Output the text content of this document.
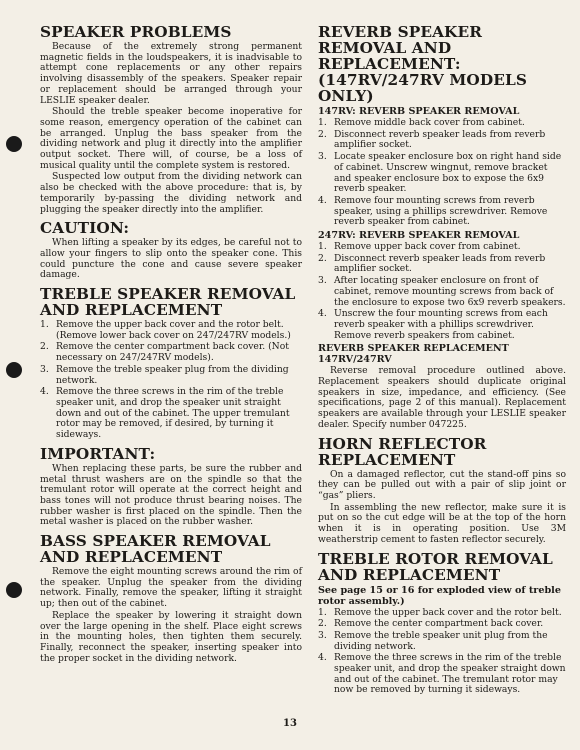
SPEAKER PROBLEMS

Because of the extremely strong permanent magnetic fields in the loudspeakers, it is inadvisable to attempt cone replacements or any other repairs involving disassembly of the speakers. Speaker repair or replacement should be arranged through your LESLIE speaker dealer.

Should the treble speaker become inoperative for some reason, emergency operation of the cabinet can be arranged. Unplug the bass speaker from the dividing network and plug it directly into the amplifier output socket. There will, of course, be a loss of musical quality until the complete system is restored.

Suspected low output from the dividing network can also be checked with the above procedure: that is, by temporarily by-passing the dividing network and plugging the speaker directly into the amplifier.

CAUTION:

When lifting a speaker by its edges, be careful not to allow your fingers to slip onto the speaker cone. This could puncture the cone and cause severe speaker damage.

TREBLE SPEAKER REMOVAL AND REPLACEMENT
1. Remove the upper back cover and the rotor belt. (Remove lower back cover on 247/247RV models.)
2. Remove the center compartment back cover. (Not necessary on 247/247RV models).
3. Remove the treble speaker plug from the dividing network.
4. Remove the three screws in the rim of the treble speaker unit, and drop the speaker unit straight down and out of the cabinet. The upper tremulant rotor may be removed, if desired, by turning it sideways.
IMPORTANT:

When replacing these parts, be sure the rubber and metal thrust washers are on the spindle so that the tremulant rotor will operate at the correct height and bass tones will not produce thrust bearing noises. The rubber washer is first placed on the spindle. Then the metal washer is placed on the rubber washer.

BASS SPEAKER REMOVAL AND REPLACEMENT

Remove the eight mounting screws around the rim of the speaker. Unplug the speaker from the dividing network. Finally, remove the speaker, lifting it straight up; then out of the cabinet.

Replace the speaker by lowering it straight down over the large opening in the shelf. Place eight screws in the mounting holes, then tighten them securely. Finally, reconnect the speaker, inserting speaker into the proper socket in the dividing network.

REVERB SPEAKER REMOVAL AND REPLACEMENT: (147RV/247RV MODELS ONLY)
147RV: REVERB SPEAKER REMOVAL
1. Remove middle back cover from cabinet.
2. Disconnect reverb speaker leads from reverb amplifier socket.
3. Locate speaker enclosure box on right hand side of cabinet. Unscrew wingnut, remove bracket and speaker enclosure box to expose the 6x9 reverb speaker.
4. Remove four mounting screws from reverb speaker, using a phillips screwdriver. Remove reverb speaker from cabinet.
247RV: REVERB SPEAKER REMOVAL
1. Remove upper back cover from cabinet.
2. Disconnect reverb speaker leads from reverb amplifier socket.
3. After locating speaker enclosure on front of cabinet, remove mounting screws from back of the enclosure to expose two 6x9 reverb speakers.
4. Unscrew the four mounting screws from each reverb speaker with a phillips screwdriver. Remove reverb speakers from cabinet.
REVERB SPEAKER REPLACEMENT 147RV/247RV

Reverse removal procedure outlined above. Replacement speakers should duplicate original speakers in size, impedance, and efficiency. (See specifications, page 2 of this manual). Replacement speakers are available through your LESLIE speaker dealer. Specify number 047225.

HORN REFLECTOR REPLACEMENT

On a damaged reflector, cut the stand-off pins so they can be pulled out with a pair of slip joint or “gas” pliers.

In assembling the new reflector, make sure it is put on so the cut edge will be at the top of the horn when it is in operating position. Use 3M weatherstrip cement to fasten reflector securely.

TREBLE ROTOR REMOVAL AND REPLACEMENT
See page 15 or 16 for exploded view of treble rotor assembly.)
1. Remove the upper back cover and the rotor belt.
2. Remove the center compartment back cover.
3. Remove the treble speaker unit plug from the dividing network.
4. Remove the three screws in the rim of the treble speaker unit, and drop the speaker straight down and out of the cabinet. The tremulant rotor may now be removed by turning it sideways.
13
